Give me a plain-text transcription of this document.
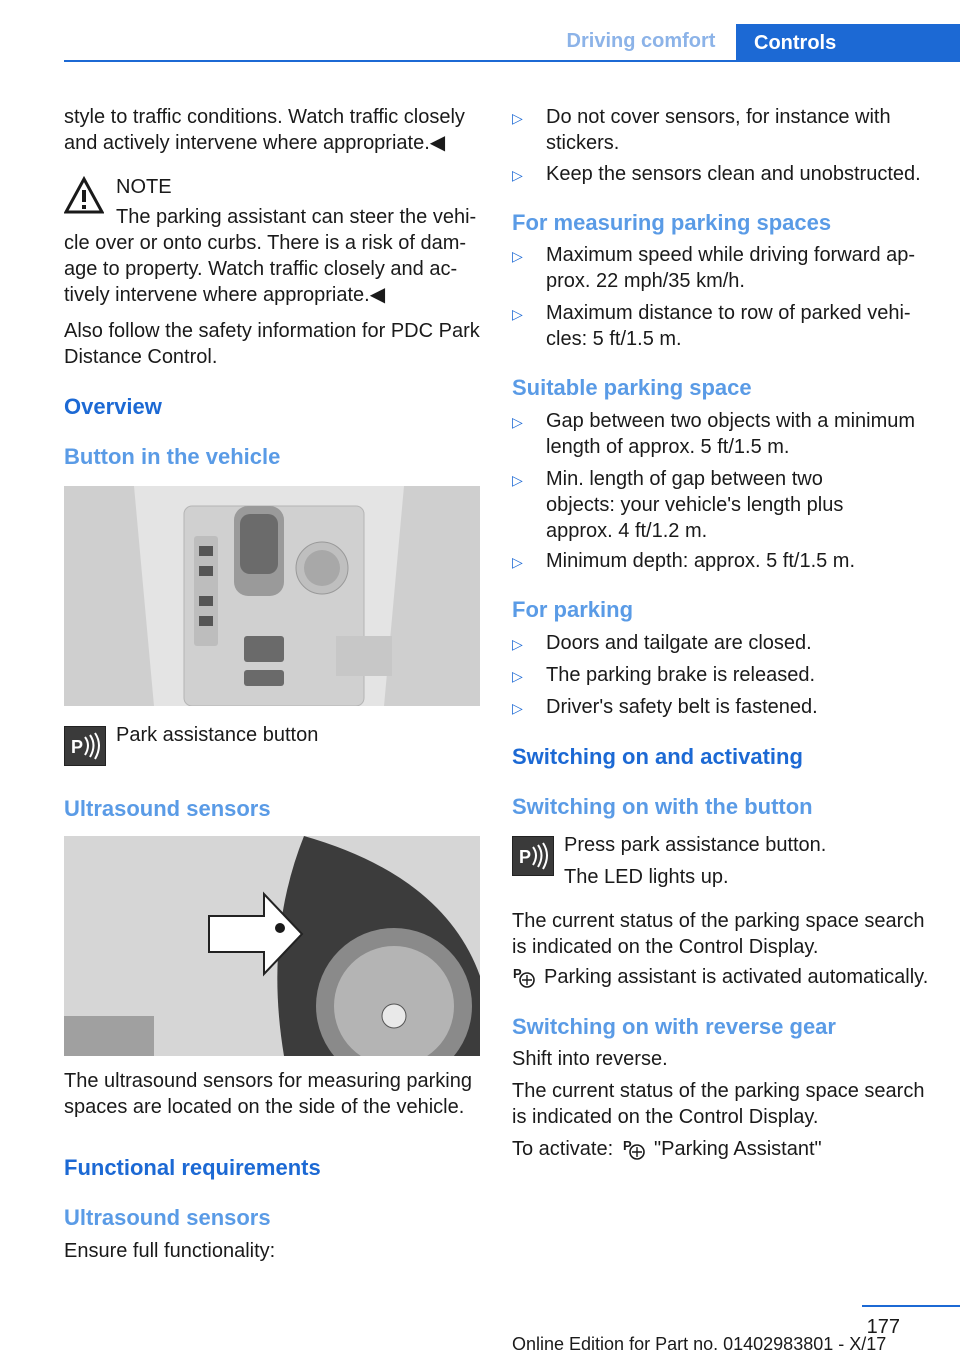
Driving comfort	Controls

style to traffic conditions. Watch traffic closely and actively intervene where appropriate.◀

NOTE

The parking assistant can steer the vehi-

cle over or onto curbs. There is a risk of dam-age to property. Watch traffic closely and ac-tively intervene where appropriate.◀

Also follow the safety information for PDC Park Distance Control.

Overview
Button in the vehicle
P

Park assistance button

Ultrasound sensors

The ultrasound sensors for measuring parking spaces are located on the side of the vehicle.

Functional requirements
Ultrasound sensors

Ensure full functionality:

▷ Do not cover sensors, for instance with stickers.
▷ Keep the sensors clean and unobstructed.
For measuring parking spaces
▷ Maximum speed while driving forward ap-prox. 22 mph/35 km/h.
▷ Maximum distance to row of parked vehi-cles: 5 ft/1.5 m.
Suitable parking space
▷ Gap between two objects with a minimum length of approx. 5 ft/1.5 m.
▷ Min. length of gap between two objects: your vehicle's length plus approx. 4 ft/1.2 m.
▷ Minimum depth: approx. 5 ft/1.5 m.
For parking
▷ Doors and tailgate are closed.
▷ The parking brake is released.
▷ Driver's safety belt is fastened.
Switching on and activating
Switching on with the button
P

Press park assistance button.

The LED lights up.

The current status of the parking space search is indicated on the Control Display.

P Parking assistant is activated automatically.

Switching on with reverse gear

Shift into reverse.

The current status of the parking space search is indicated on the Control Display.

To activate: P "Parking Assistant"

177
Online Edition for Part no. 01402983801 - X/17
